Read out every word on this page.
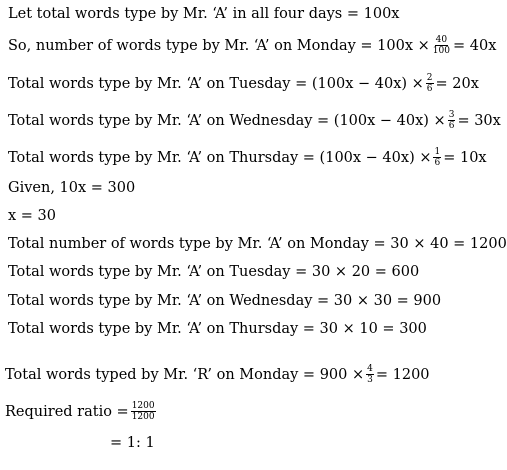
Let total words type by Mr. ‘A’ in all four days = 100x
So, number of words type by Mr. ‘A’ on Monday = $100x \times \frac{40}{100} = 40x$
Total words type by Mr. ‘A’ on Tuesday = $(100x - 40x) \times \frac{2}{6} = 20x$
Total words type by Mr. ‘A’ on Wednesday = $(100x - 40x) \times \frac{3}{6} = 30x$
Total words type by Mr. ‘A’ on Thursday = $(100x - 40x) \times \frac{1}{6} = 10x$
Given, 10x = 300
x = 30
Total number of words type by Mr. ‘A’ on Monday = 30 × 40 = 1200
Total words type by Mr. ‘A’ on Tuesday = 30 × 20 = 600
Total words type by Mr. ‘A’ on Wednesday = 30 × 30 = 900
Total words type by Mr. ‘A’ on Thursday = 30 × 10 = 300
Total words typed by Mr. ‘R’ on Monday = $900 \times \frac{4}{3} = 1200$
Required ratio = $\frac{1200}{1200}$
= 1: 1
